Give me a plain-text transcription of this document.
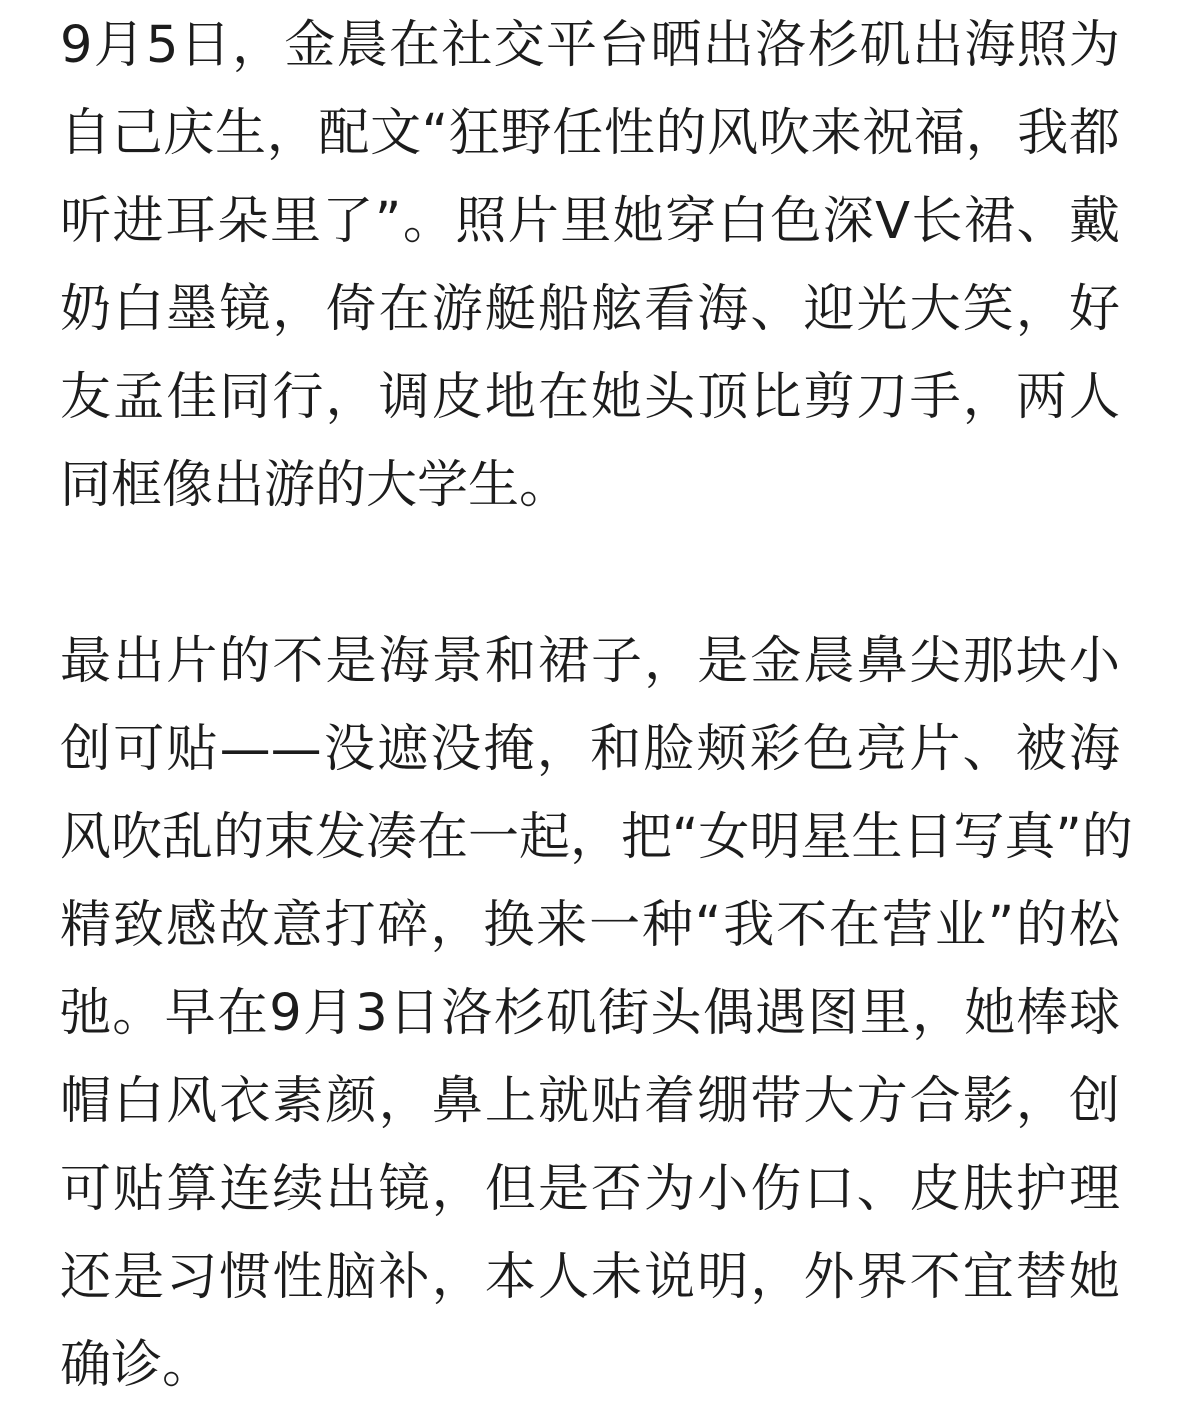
9月5日，金晨在社交平台晒出洛杉矶出海照为
自己庆生，配文“狂野任性的风吹来祝福，我都
听进耳朵里了”。照片里她穿白色深V长裙、戴
奶白墨镜，倚在游艇船舷看海、迎光大笑，好
友孟佳同行，调皮地在她头顶比剪刀手，两人
同框像出游的大学生。

最出片的不是海景和裙子，是金晨鼻尖那块小
创可贴——没遮没掩，和脸颊彩色亮片、被海
风吹乱的束发凑在一起，把“女明星生日写真”的
精致感故意打碎，换来一种“我不在营业”的松
弛。早在9月3日洛杉矶街头偶遇图里，她棒球
帽白风衣素颜，鼻上就贴着绷带大方合影，创
可贴算连续出镜，但是否为小伤口、皮肤护理
还是习惯性脑补，本人未说明，外界不宜替她
确诊。
